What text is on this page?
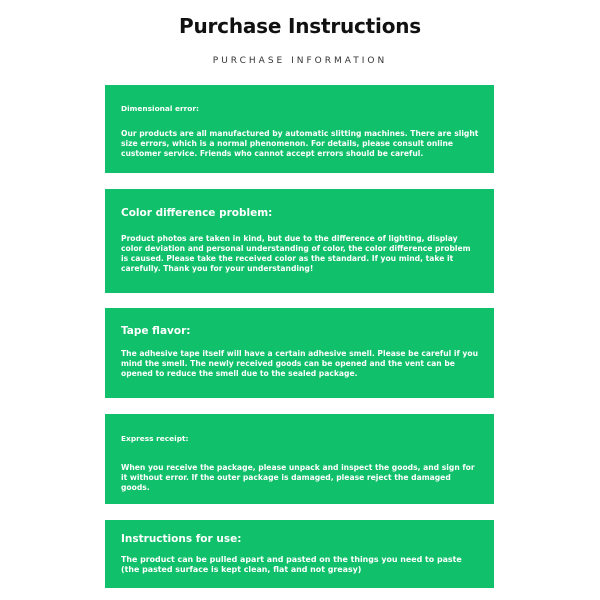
Purchase Instructions
PURCHASE INFORMATION
Dimensional error:
Our products are all manufactured by automatic slitting machines. There are slight size errors, which is a normal phenomenon. For details, please consult online customer service. Friends who cannot accept errors should be careful.
Color difference problem:
Product photos are taken in kind, but due to the difference of lighting, display color deviation and personal understanding of color, the color difference problem is caused. Please take the received color as the standard. If you mind, take it carefully. Thank you for your understanding!
Tape flavor:
The adhesive tape itself will have a certain adhesive smell. Please be careful if you mind the smell. The newly received goods can be opened and the vent can be opened to reduce the smell due to the sealed package.
Express receipt:
When you receive the package, please unpack and inspect the goods, and sign for it without error. If the outer package is damaged, please reject the damaged goods.
Instructions for use:
The product can be pulled apart and pasted on the things you need to paste (the pasted surface is kept clean, flat and not greasy)
